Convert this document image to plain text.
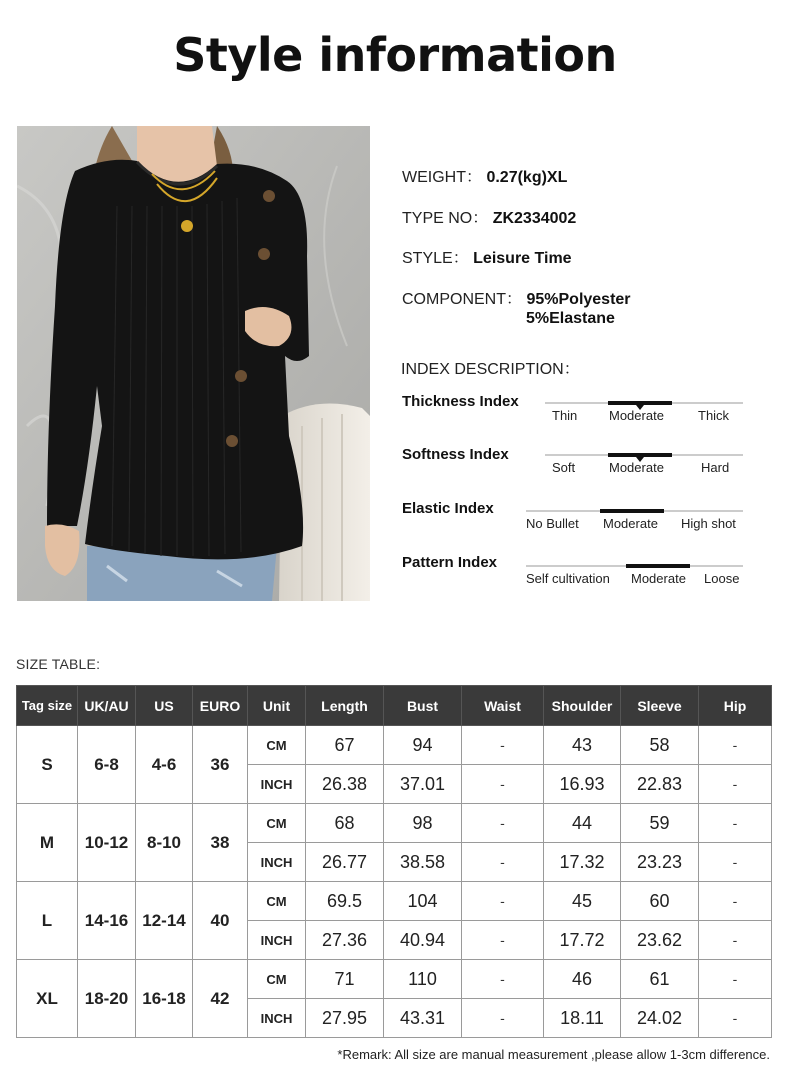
Style information
WEIGHT： 0.27(kg)XL
TYPE NO： ZK2334002
STYLE： Leisure Time
COMPONENT： 95%Polyester
5%Elastane
INDEX DESCRIPTION：
Thickness Index
Thin Moderate	Thick
Softness Index
Soft	Moderate	Hard
Elastic Index
No Bullet Moderate High shot
Pattern Index
Self cultivation Moderate Loose
SIZE TABLE:
Tag size	UK/AU	US	EURO	Unit	Length	Bust	Waist	Shoulder	Sleeve	Hip
S	6-8	4-6	36	CM	67	94	-	43	58	-
				INCH	26.38	37.01	-	16.93	22.83	-
M	10-12	8-10	38	CM	68	98	-	44	59	-
				INCH	26.77	38.58	-	17.32	23.23	-
L	14-16	12-14	40	CM	69.5	104	-	45	60	-
				INCH	27.36	40.94	-	17.72	23.62	-
XL	18-20	16-18	42	CM	71	110	-	46	61	-
				INCH	27.95	43.31	-	18.11	24.02	-
*Remark: All size are manual measurement ,please allow 1-3cm difference.
